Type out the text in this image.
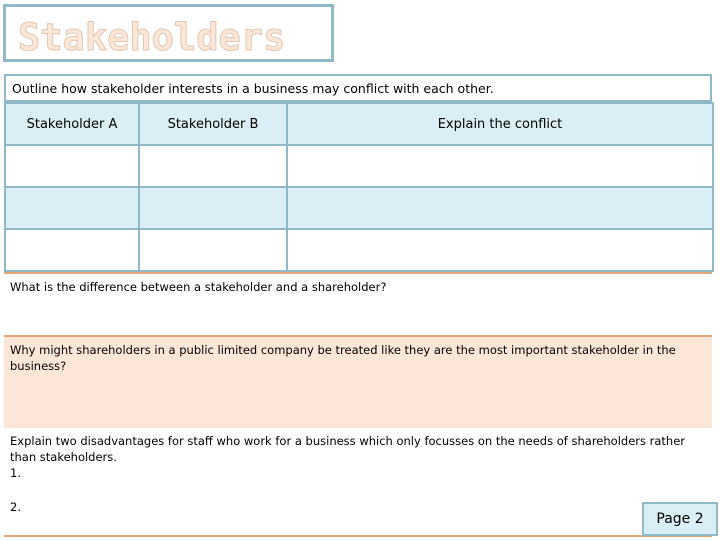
Stakeholders
Outline how stakeholder interests in a business may conflict with each other.
Stakeholder A	Stakeholder B	Explain the conflict

What is the difference between a stakeholder and a shareholder?
Why might shareholders in a public limited company be treated like they are the most important stakeholder in the business?
Explain two disadvantages for staff who work for a business which only focusses on the needs of shareholders rather than stakeholders.
1.
2.
Page 2
